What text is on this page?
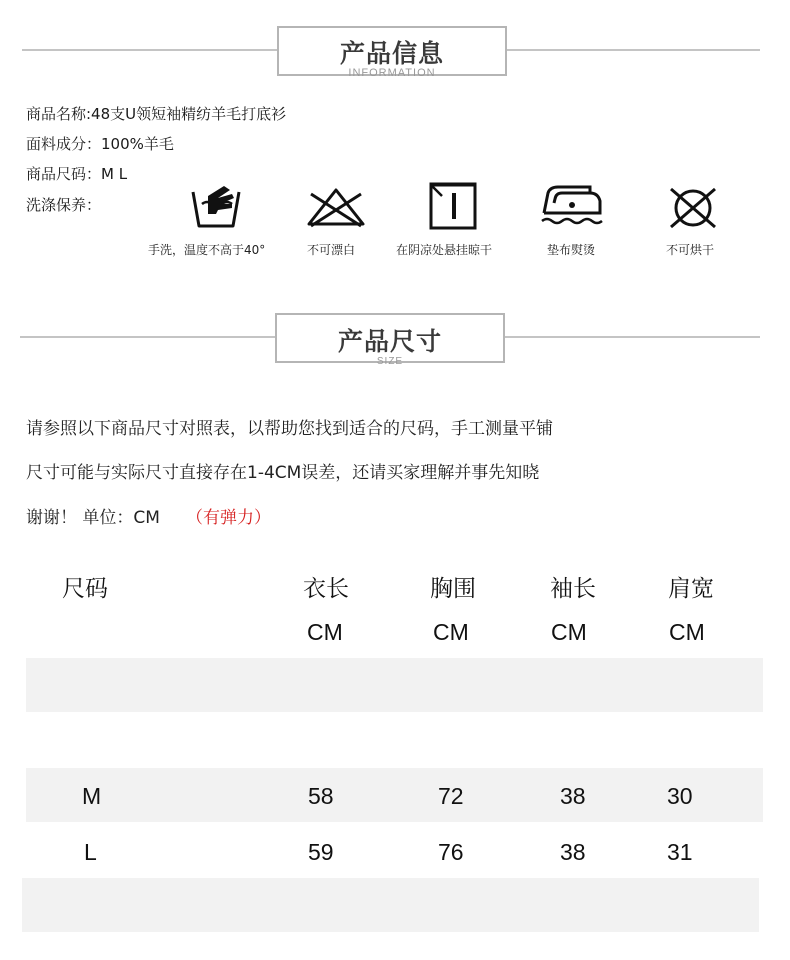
产品信息
INFORMATION
商品名称:48支U领短袖精纺羊毛打底衫
面料成分：100%羊毛
商品尺码：M L
洗涤保养：
手洗，温度不高于40°	不可漂白	在阴凉处悬挂晾干	垫布熨烫	不可烘干
产品尺寸
SIZE
请参照以下商品尺寸对照表，以帮助您找到适合的尺码，手工测量平铺
尺寸可能与实际尺寸直接存在1-4CM误差，还请买家理解并事先知晓
谢谢！ 单位：CM （有弹力）
尺码	衣长	胸围	袖长	肩宽
CM	CM	CM	CM
M	58	72	38	30
L	59	76	38	31
